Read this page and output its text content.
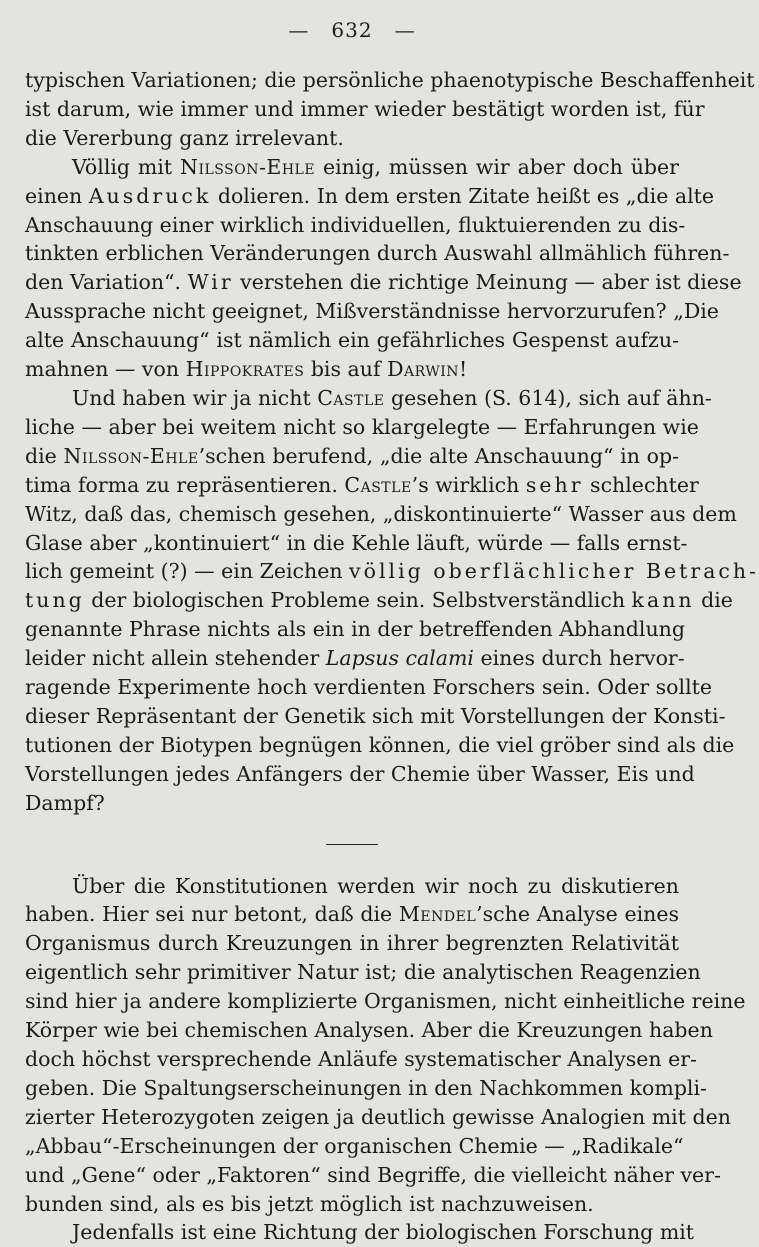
— 632 —
typischen Variationen; die persönliche phaenotypische Beschaffenheit
ist darum, wie immer und immer wieder bestätigt worden ist, für
die Vererbung ganz irrelevant.
Völlig mit Nilsson-Ehle einig, müssen wir aber doch über
einen Ausdruck dolieren. In dem ersten Zitate heißt es „die alte
Anschauung einer wirklich individuellen, fluktuierenden zu dis-
tinkten erblichen Veränderungen durch Auswahl allmählich führen-
den Variation“. Wir verstehen die richtige Meinung — aber ist diese
Aussprache nicht geeignet, Mißverständnisse hervorzurufen? „Die
alte Anschauung“ ist nämlich ein gefährliches Gespenst aufzu-
mahnen — von Hippokrates bis auf Darwin!
Und haben wir ja nicht Castle gesehen (S. 614), sich auf ähn-
liche — aber bei weitem nicht so klargelegte — Erfahrungen wie
die Nilsson-Ehle’schen berufend, „die alte Anschauung“ in op-
tima forma zu repräsentieren. Castle’s wirklich sehr schlechter
Witz, daß das, chemisch gesehen, „diskontinuierte“ Wasser aus dem
Glase aber „kontinuiert“ in die Kehle läuft, würde — falls ernst-
lich gemeint (?) — ein Zeichen völlig oberflächlicher Betrach-
tung der biologischen Probleme sein. Selbstverständlich kann die
genannte Phrase nichts als ein in der betreffenden Abhandlung
leider nicht allein stehender Lapsus calami eines durch hervor-
ragende Experimente hoch verdienten Forschers sein. Oder sollte
dieser Repräsentant der Genetik sich mit Vorstellungen der Konsti-
tutionen der Biotypen begnügen können, die viel gröber sind als die
Vorstellungen jedes Anfängers der Chemie über Wasser, Eis und
Dampf?
Über die Konstitutionen werden wir noch zu diskutieren
haben. Hier sei nur betont, daß die Mendel’sche Analyse eines
Organismus durch Kreuzungen in ihrer begrenzten Relativität
eigentlich sehr primitiver Natur ist; die analytischen Reagenzien
sind hier ja andere komplizierte Organismen, nicht einheitliche reine
Körper wie bei chemischen Analysen. Aber die Kreuzungen haben
doch höchst versprechende Anläufe systematischer Analysen er-
geben. Die Spaltungserscheinungen in den Nachkommen kompli-
zierter Heterozygoten zeigen ja deutlich gewisse Analogien mit den
„Abbau“-Erscheinungen der organischen Chemie — „Radikale“
und „Gene“ oder „Faktoren“ sind Begriffe, die vielleicht näher ver-
bunden sind, als es bis jetzt möglich ist nachzuweisen.
Jedenfalls ist eine Richtung der biologischen Forschung mit
